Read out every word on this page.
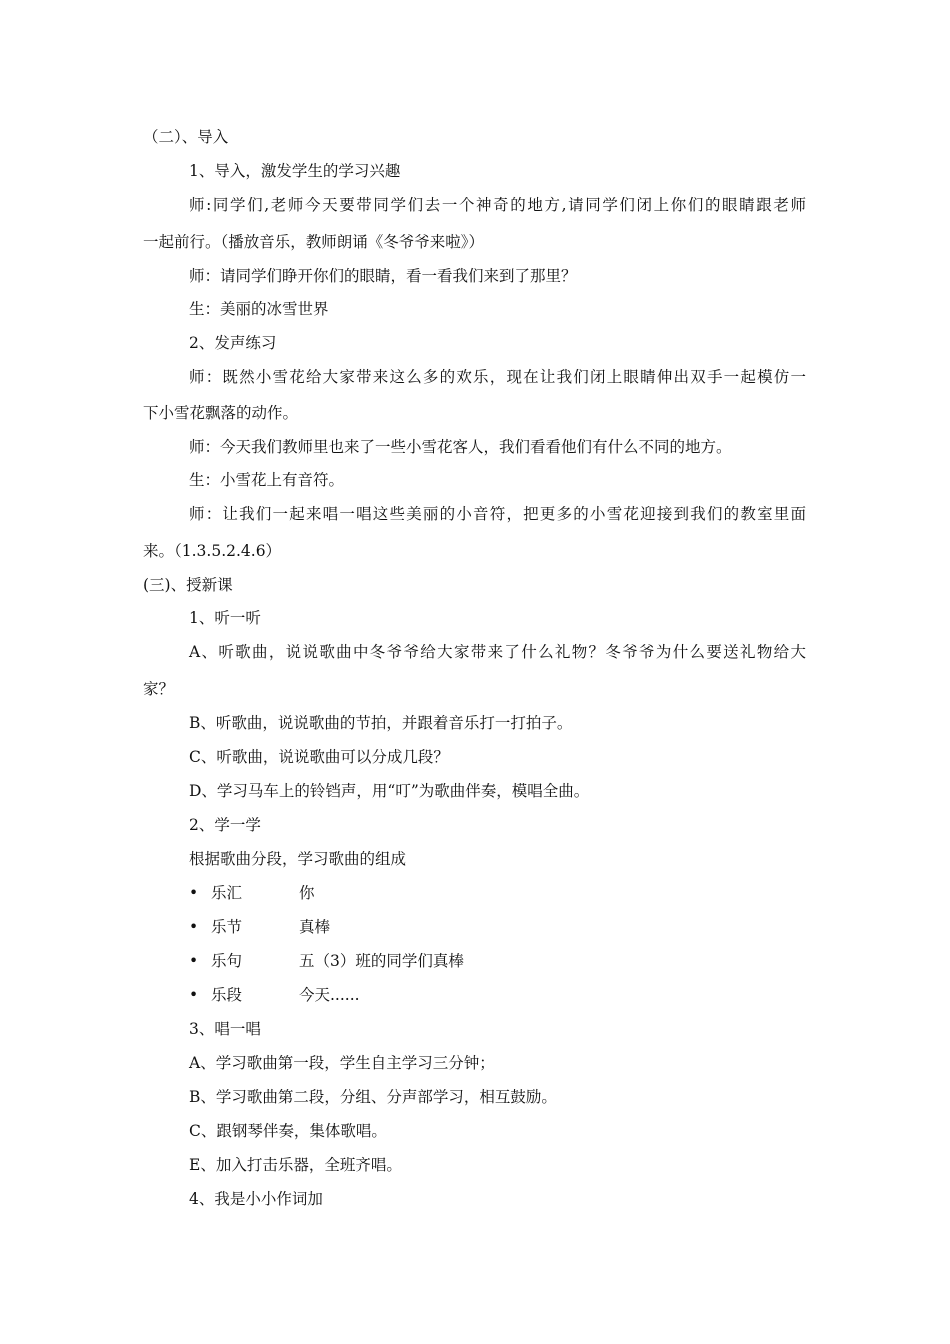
（二）、导入
1、导入，激发学生的学习兴趣
师:同学们,老师今天要带同学们去一个神奇的地方,请同学们闭上你们的眼睛跟老师
一起前行。（播放音乐，教师朗诵《冬爷爷来啦》）
师：请同学们睁开你们的眼睛，看一看我们来到了那里？
生：美丽的冰雪世界
2、发声练习
师：既然小雪花给大家带来这么多的欢乐，现在让我们闭上眼睛伸出双手一起模仿一
下小雪花飘落的动作。
师：今天我们教师里也来了一些小雪花客人，我们看看他们有什么不同的地方。
生：小雪花上有音符。
师：让我们一起来唱一唱这些美丽的小音符，把更多的小雪花迎接到我们的教室里面
来。（1.3.5.2.4.6）
(三)、授新课
1、听一听
A、听歌曲，说说歌曲中冬爷爷给大家带来了什么礼物？冬爷爷为什么要送礼物给大
家？
B、听歌曲，说说歌曲的节拍，并跟着音乐打一打拍子。
C、听歌曲，说说歌曲可以分成几段？
D、学习马车上的铃铛声，用“叮”为歌曲伴奏，模唱全曲。
2、学一学
根据歌曲分段，学习歌曲的组成
• 乐汇	你
• 乐节	真棒
• 乐句	五（3）班的同学们真棒
• 乐段	今天......
3、唱一唱
A、学习歌曲第一段，学生自主学习三分钟；
B、学习歌曲第二段，分组、分声部学习，相互鼓励。
C、跟钢琴伴奏，集体歌唱。
E、加入打击乐器，全班齐唱。
4、我是小小作词加
